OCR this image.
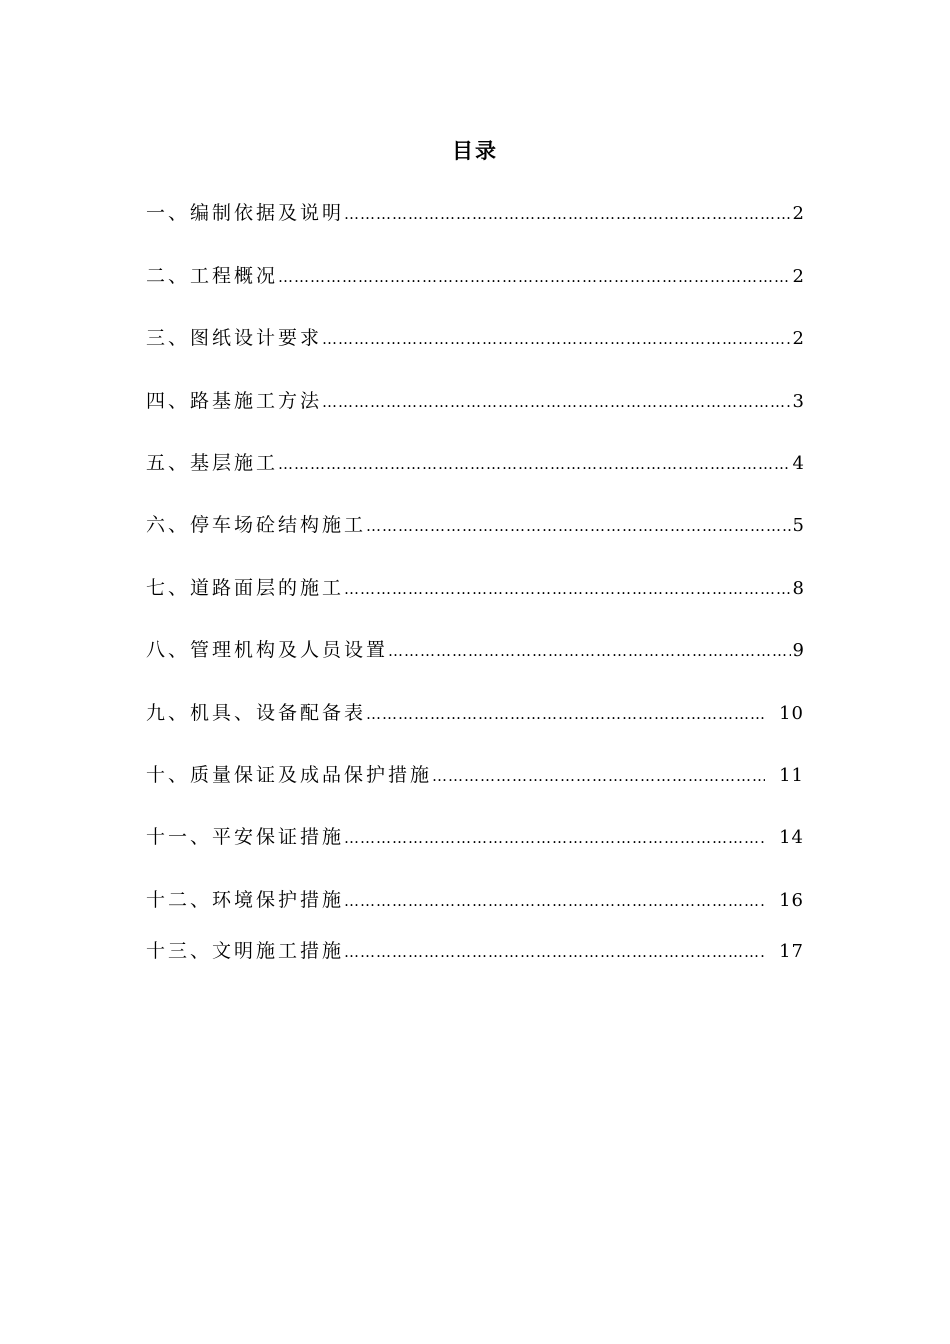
目录
一、编制依据及说明 …………………………………………………………………………………………………………………………………………	2
二、工程概况 …………………………………………………………………………………………………………………………………………	2
三、图纸设计要求 …………………………………………………………………………………………………………………………………………	2
四、路基施工方法 …………………………………………………………………………………………………………………………………………	3
五、基层施工 …………………………………………………………………………………………………………………………………………	4
六、停车场砼结构施工 …………………………………………………………………………………………………………………………………………	5
七、道路面层的施工 …………………………………………………………………………………………………………………………………………	8
八、管理机构及人员设置 …………………………………………………………………………………………………………………………………………	9
九、机具、设备配备表 …………………………………………………………………………………………………………………………………………	10
十、质量保证及成品保护措施 …………………………………………………………………………………………………………………………………………	11
十一、平安保证措施 …………………………………………………………………………………………………………………………………………	14
十二、环境保护措施 …………………………………………………………………………………………………………………………………………	16
十三、文明施工措施 …………………………………………………………………………………………………………………………………………	17
